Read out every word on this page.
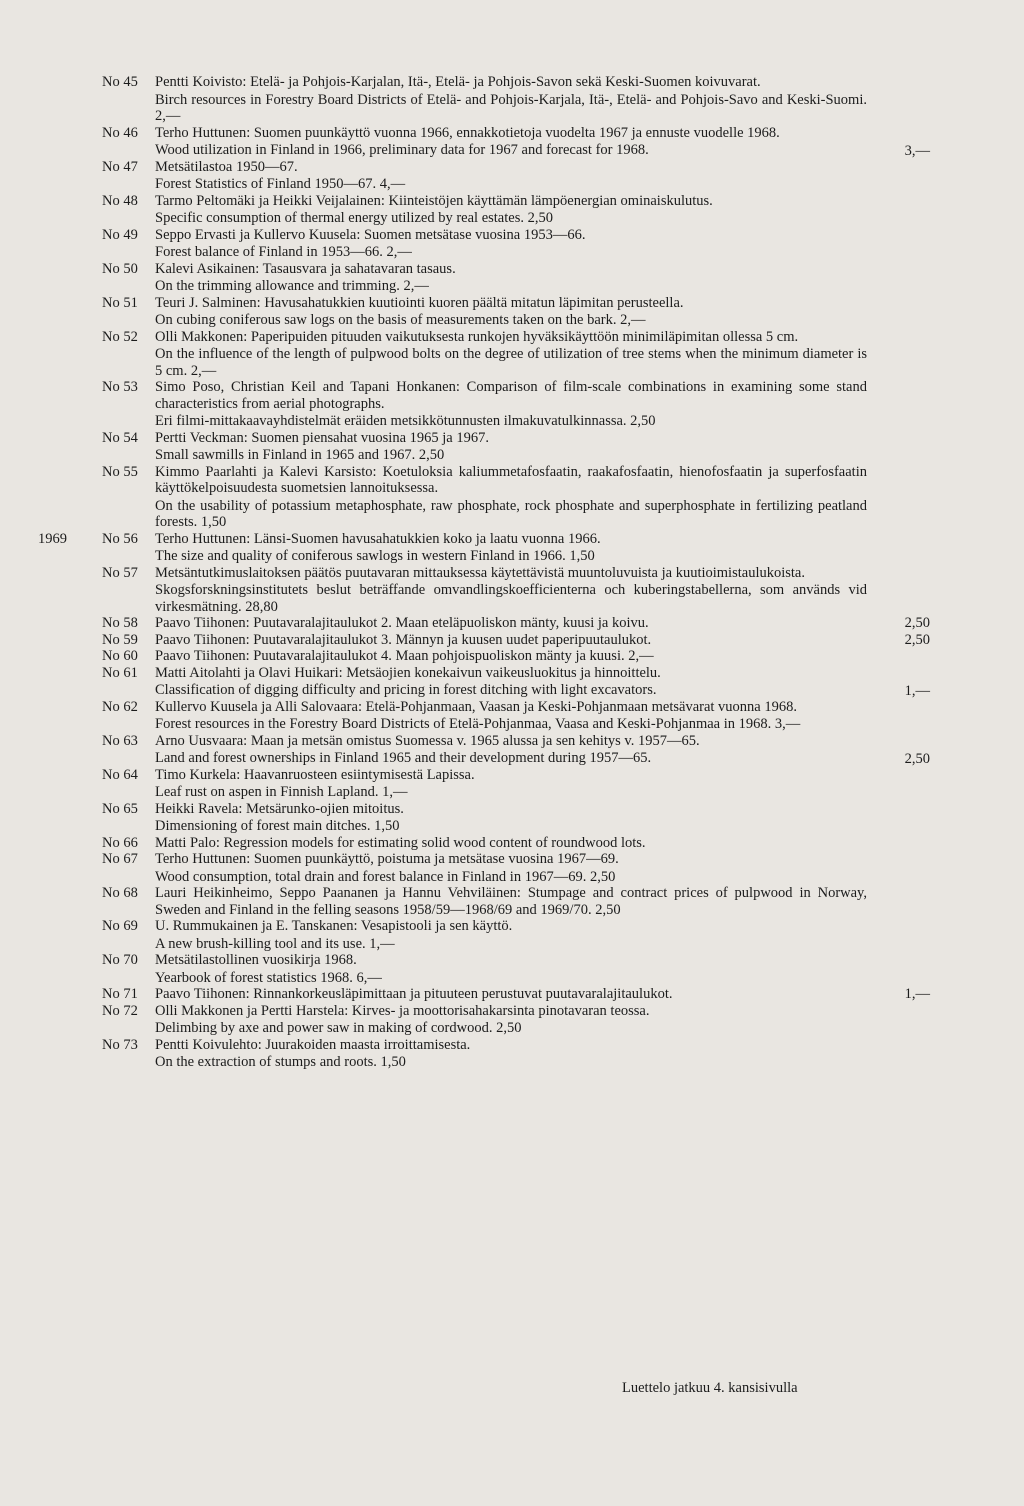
No 45 Pentti Koivisto: Etelä- ja Pohjois-Karjalan, Itä-, Etelä- ja Pohjois-Savon sekä Keski-Suomen koivuvarat.
Birch resources in Forestry Board Districts of Etelä- and Pohjois-Karjala, Itä-, Etelä- and Pohjois-Savo and Keski-Suomi. 2,—
No 46 Terho Huttunen: Suomen puunkäyttö vuonna 1966, ennakkotietoja vuodelta 1967 ja ennuste vuodelle 1968.
Wood utilization in Finland in 1966, preliminary data for 1967 and forecast for 1968.	3,—
No 47 Metsätilastoa 1950—67.
Forest Statistics of Finland 1950—67. 4,—
No 48 Tarmo Peltomäki ja Heikki Veijalainen: Kiinteistöjen käyttämän lämpöenergian ominaiskulutus.
Specific consumption of thermal energy utilized by real estates. 2,50
No 49 Seppo Ervasti ja Kullervo Kuusela: Suomen metsätase vuosina 1953—66.
Forest balance of Finland in 1953—66. 2,—
No 50 Kalevi Asikainen: Tasausvara ja sahatavaran tasaus.
On the trimming allowance and trimming. 2,—
No 51 Teuri J. Salminen: Havusahatukkien kuutiointi kuoren päältä mitatun läpimitan perusteella.
On cubing coniferous saw logs on the basis of measurements taken on the bark. 2,—
No 52 Olli Makkonen: Paperipuiden pituuden vaikutuksesta runkojen hyväksikäyttöön minimiläpimitan ollessa 5 cm.
On the influence of the length of pulpwood bolts on the degree of utilization of tree stems when the minimum diameter is 5 cm. 2,—
No 53 Simo Poso, Christian Keil and Tapani Honkanen: Comparison of film-scale combinations in examining some stand characteristics from aerial photographs.
Eri filmi-mittakaavayhdistelmät eräiden metsikkötunnusten ilmakuvatulkinnassa. 2,50
No 54 Pertti Veckman: Suomen piensahat vuosina 1965 ja 1967.
Small sawmills in Finland in 1965 and 1967. 2,50
No 55 Kimmo Paarlahti ja Kalevi Karsisto: Koetuloksia kaliummetafosfaatin, raakafosfaatin, hienofosfaatin ja superfosfaatin käyttökelpoisuudesta suometsien lannoituksessa.
On the usability of potassium metaphosphate, raw phosphate, rock phosphate and superphosphate in fertilizing peatland forests. 1,50
1969 No 56 Terho Huttunen: Länsi-Suomen havusahatukkien koko ja laatu vuonna 1966.
The size and quality of coniferous sawlogs in western Finland in 1966. 1,50
No 57 Metsäntutkimuslaitoksen päätös puutavaran mittauksessa käytettävistä muuntoluvuista ja kuutioimistaulukoista.
Skogsforskningsinstitutets beslut beträffande omvandlingskoefficienterna och kuberingstabellerna, som används vid virkesmätning. 28,80
No 58 Paavo Tiihonen: Puutavaralajitaulukot 2. Maan eteläpuoliskon mänty, kuusi ja koivu.	2,50
No 59 Paavo Tiihonen: Puutavaralajitaulukot 3. Männyn ja kuusen uudet paperipuutaulukot.	2,50
No 60 Paavo Tiihonen: Puutavaralajitaulukot 4. Maan pohjoispuoliskon mänty ja kuusi. 2,—
No 61 Matti Aitolahti ja Olavi Huikari: Metsäojien konekaivun vaikeusluokitus ja hinnoittelu.
Classification of digging difficulty and pricing in forest ditching with light excavators.	1,—
No 62 Kullervo Kuusela ja Alli Salovaara: Etelä-Pohjanmaan, Vaasan ja Keski-Pohjanmaan metsävarat vuonna 1968.
Forest resources in the Forestry Board Districts of Etelä-Pohjanmaa, Vaasa and Keski-Pohjanmaa in 1968. 3,—
No 63 Arno Uusvaara: Maan ja metsän omistus Suomessa v. 1965 alussa ja sen kehitys v. 1957—65.
Land and forest ownerships in Finland 1965 and their development during 1957—65.	2,50
No 64 Timo Kurkela: Haavanruosteen esiintymisestä Lapissa.
Leaf rust on aspen in Finnish Lapland. 1,—
No 65 Heikki Ravela: Metsärunko-ojien mitoitus.
Dimensioning of forest main ditches. 1,50
No 66 Matti Palo: Regression models for estimating solid wood content of roundwood lots.
No 67 Terho Huttunen: Suomen puunkäyttö, poistuma ja metsätase vuosina 1967—69.
Wood consumption, total drain and forest balance in Finland in 1967—69. 2,50
No 68 Lauri Heikinheimo, Seppo Paananen ja Hannu Vehviläinen: Stumpage and contract prices of pulpwood in Norway, Sweden and Finland in the felling seasons 1958/59—1968/69 and 1969/70. 2,50
No 69 U. Rummukainen ja E. Tanskanen: Vesapistooli ja sen käyttö.
A new brush-killing tool and its use. 1,—
No 70 Metsätilastollinen vuosikirja 1968.
Yearbook of forest statistics 1968. 6,—
No 71 Paavo Tiihonen: Rinnankorkeusläpimittaan ja pituuteen perustuvat puutavaralajitaulukot.	1,—
No 72 Olli Makkonen ja Pertti Harstela: Kirves- ja moottorisahakarsinta pinotavaran teossa.
Delimbing by axe and power saw in making of cordwood. 2,50
No 73 Pentti Koivulehto: Juurakoiden maasta irroittamisesta.
On the extraction of stumps and roots. 1,50
Luettelo jatkuu 4. kansisivulla
